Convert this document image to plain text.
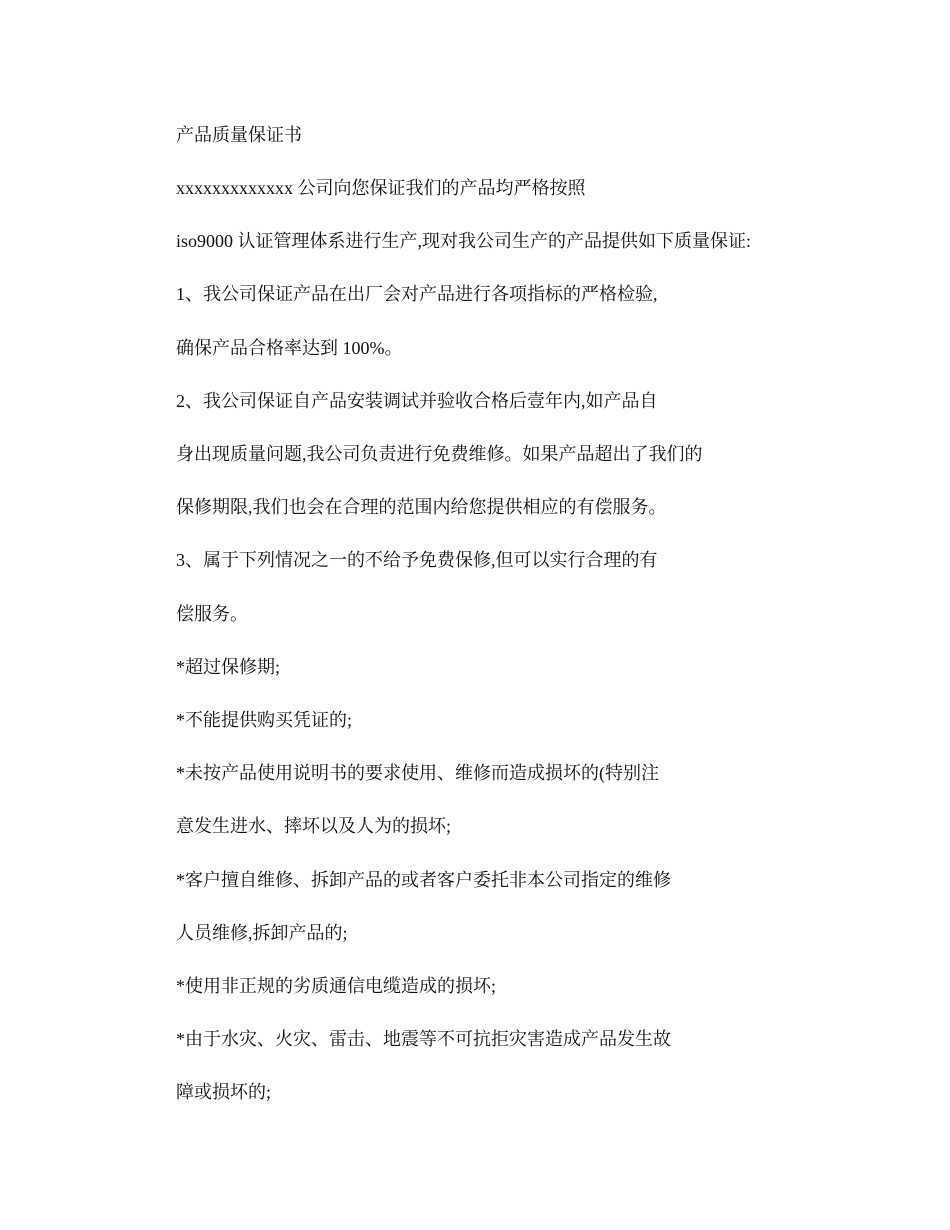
产品质量保证书
xxxxxxxxxxxxx 公司向您保证我们的产品均严格按照
iso9000 认证管理体系进行生产,现对我公司生产的产品提供如下质量保证:
1、我公司保证产品在出厂会对产品进行各项指标的严格检验,
确保产品合格率达到 100%。
2、我公司保证自产品安装调试并验收合格后壹年内,如产品自
身出现质量问题,我公司负责进行免费维修。如果产品超出了我们的
保修期限,我们也会在合理的范围内给您提供相应的有偿服务。
3、属于下列情况之一的不给予免费保修,但可以实行合理的有
偿服务。
*超过保修期;
*不能提供购买凭证的;
*未按产品使用说明书的要求使用、维修而造成损坏的(特别注
意发生进水、摔坏以及人为的损坏;
*客户擅自维修、拆卸产品的或者客户委托非本公司指定的维修
人员维修,拆卸产品的;
*使用非正规的劣质通信电缆造成的损坏;
*由于水灾、火灾、雷击、地震等不可抗拒灾害造成产品发生故
障或损坏的;
